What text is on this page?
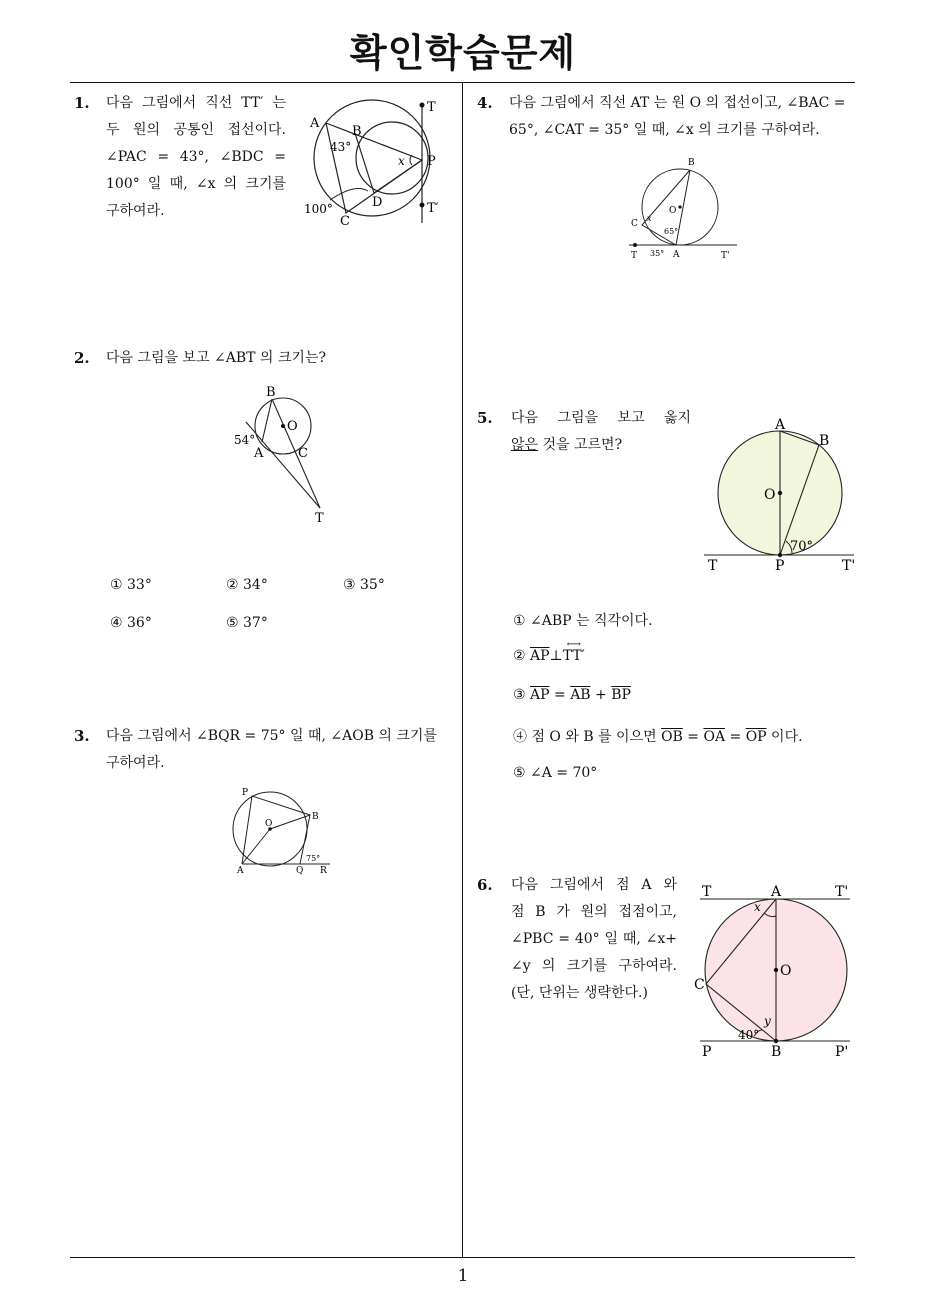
확인학습문제
1
1. 다음 그림에서 직선 TT′ 는
두 원의 공통인 접선이다.
∠PAC = 43°, ∠BDC =
100° 일 때, ∠x 의 크기를
구하여라.
A
B
43°
x
T
P
T′
D
C
100°
2. 다음 그림을 보고 ∠ABT 의 크기는?
B
O
54°
A	C
T
① 33°	② 34°	③ 35°
④ 36°	⑤ 37°
3. 다음 그림에서 ∠BQR = 75° 일 때, ∠AOB 의 크기를
구하여라.
P
B
O
75°
A	Q R
4. 다음 그림에서 직선 AT 는 원 O 의 접선이고, ∠BAC =
65°, ∠CAT = 35° 일 때, ∠x 의 크기를 구하여라.
B
C
x
O
65°
T 35° A	T'
5. 다음 그림을 보고 옳지
않은 것을 고르면?
A
B
O
70°
T	P	T'
① ∠ABP 는 직각이다.
② $\overline{AP}\perp$
⟷
TT′
③ $\overline{AP} = \overline{AB} + \overline{BP}$
④ 점 O 와 B 를 이으면 $\overline{OB} = \overline{OA} = \overline{OP}$ 이다.
⑤ ∠A = 70°
6. 다음 그림에서 점 A 와
점 B 가 원의 접점이고,
∠PBC = 40° 일 때, ∠x+
∠y 의 크기를 구하여라.
(단, 단위는 생략한다.)
T	A	T'
x
O
C
y
40°
P	B	P'
